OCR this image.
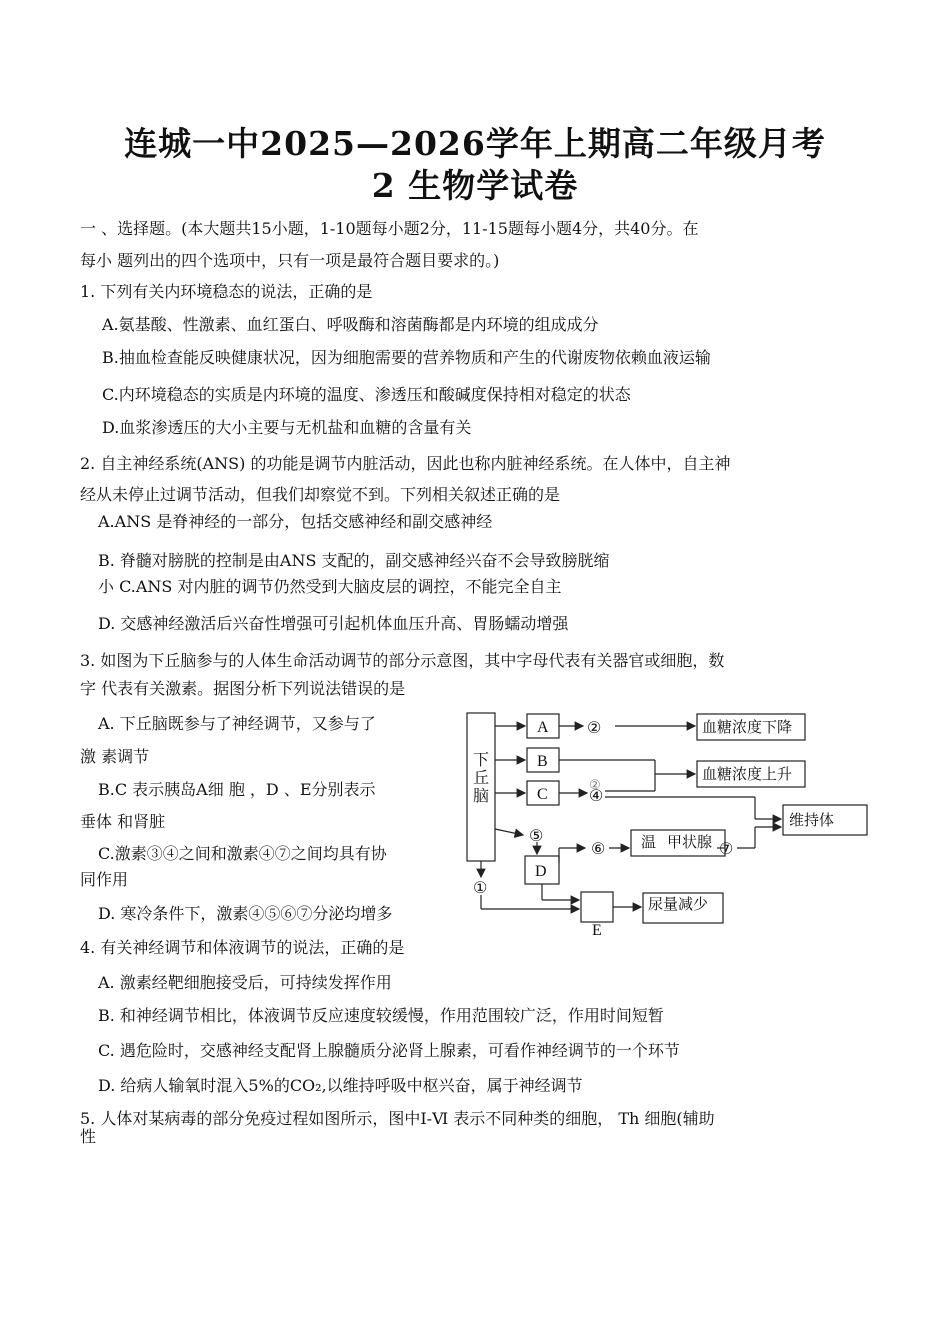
连城一中2025—2026学年上期高二年级月考
2 生物学试卷
一 、选择题。(本大题共15小题，1-10题每小题2分，11-15题每小题4分，共40分。在
每小 题列出的四个选项中，只有一项是最符合题目要求的。)
1. 下列有关内环境稳态的说法，正确的是
A.氨基酸、性激素、血红蛋白、呼吸酶和溶菌酶都是内环境的组成成分
B.抽血检查能反映健康状况，因为细胞需要的营养物质和产生的代谢废物依赖血液运输
C.内环境稳态的实质是内环境的温度、渗透压和酸碱度保持相对稳定的状态
D.血浆渗透压的大小主要与无机盐和血糖的含量有关
2. 自主神经系统(ANS) 的功能是调节内脏活动，因此也称内脏神经系统。在人体中，自主神
经从未停止过调节活动，但我们却察觉不到。下列相关叙述正确的是
A.ANS 是脊神经的一部分，包括交感神经和副交感神经
B. 脊髓对膀胱的控制是由ANS 支配的，副交感神经兴奋不会导致膀胱缩
小 C.ANS 对内脏的调节仍然受到大脑皮层的调控，不能完全自主
D. 交感神经激活后兴奋性增强可引起机体血压升高、胃肠蠕动增强
3. 如图为下丘脑参与的人体生命活动调节的部分示意图，其中字母代表有关器官或细胞，数
字 代表有关激素。据图分析下列说法错误的是
A. 下丘脑既参与了神经调节，又参与了
激 素调节
B.C 表示胰岛A细 胞 ，D 、E分别表示
垂体 和肾脏
C.激素③④之间和激素④⑦之间均具有协
同作用
D. 寒冷条件下，激素④⑤⑥⑦分泌均增多
下
丘
脑
A
B
C
D
E
②
②
④
⑤
⑥	⑦
①
血糖浓度下降
血糖浓度上升
维持体
温 甲状腺
尿量减少
4. 有关神经调节和体液调节的说法，正确的是
A. 激素经靶细胞接受后，可持续发挥作用
B. 和神经调节相比，体液调节反应速度较缓慢，作用范围较广泛，作用时间短暂
C. 遇危险时，交感神经支配肾上腺髓质分泌肾上腺素，可看作神经调节的一个环节
D. 给病人输氧时混入5%的CO₂,以维持呼吸中枢兴奋，属于神经调节
5. 人体对某病毒的部分免疫过程如图所示，图中Ⅰ-Ⅵ 表示不同种类的细胞， Th 细胞(辅助
性
